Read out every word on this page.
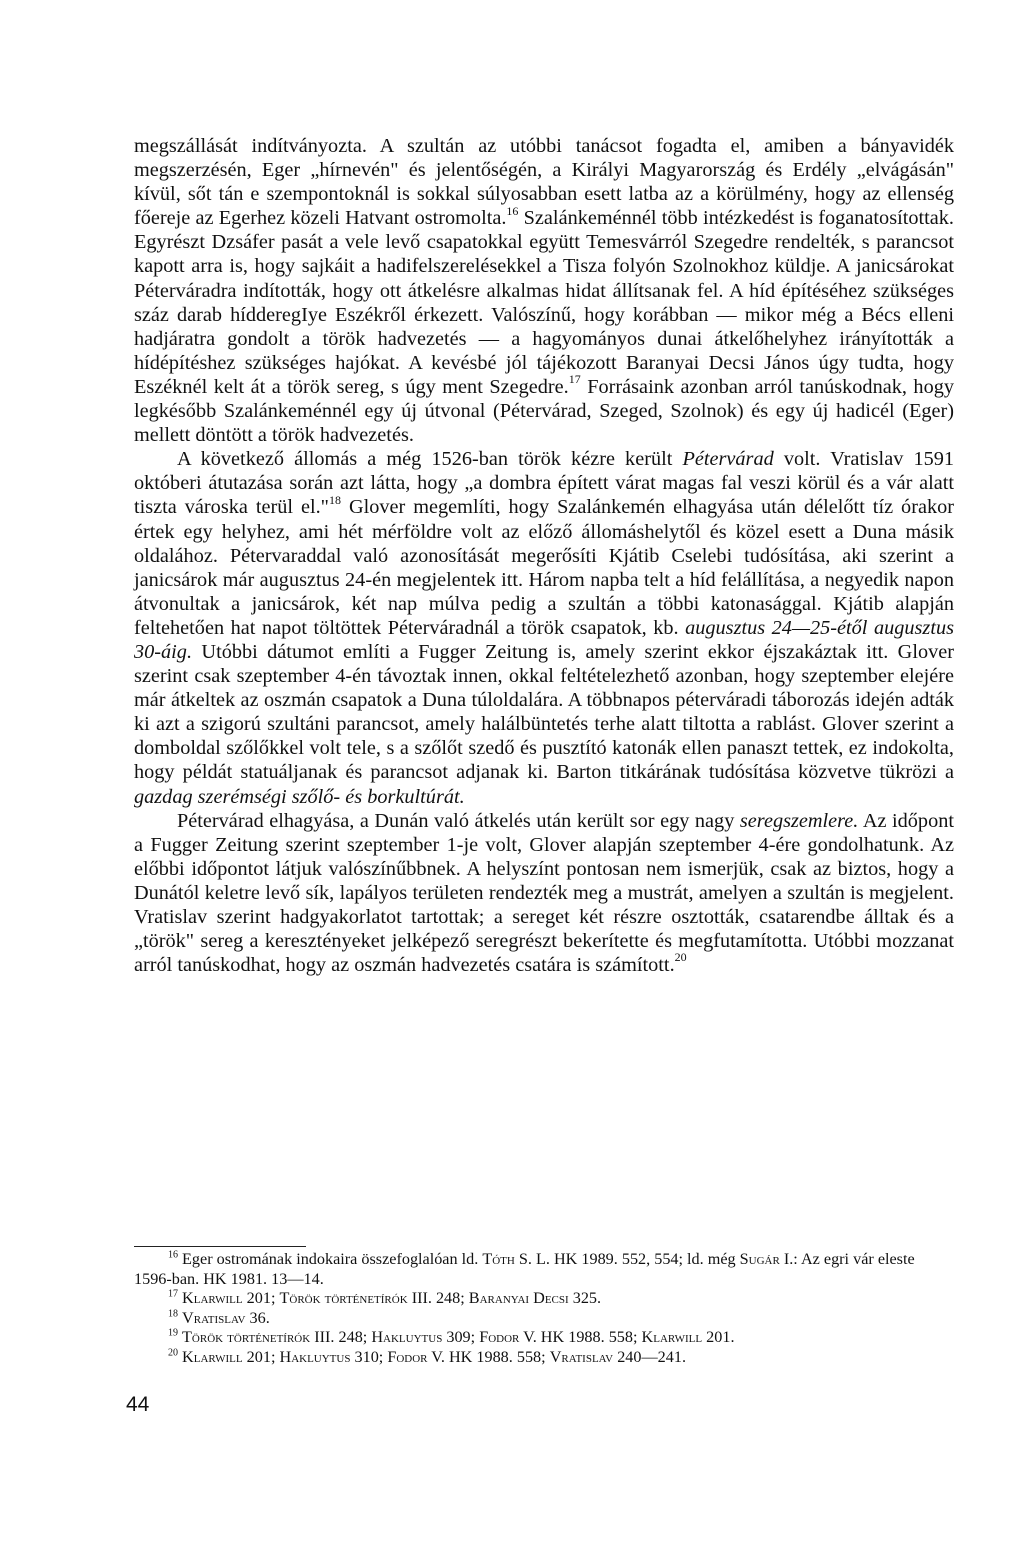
megszállását indítványozta. A szultán az utóbbi tanácsot fogadta el, amiben a bányavidék megszerzésén, Eger „hírnevén" és jelentőségén, a Királyi Magyarország és Erdély „elvágásán" kívül, sőt tán e szempontoknál is sokkal súlyosabban esett latba az a körülmény, hogy az ellenség főereje az Egerhez közeli Hatvant ostromolta.$^{16}$ Szalánkeménnél több intézkedést is foganatosítottak. Egyrészt Dzsáfer pasát a vele levő csapatokkal együtt Temesvárról Szegedre rendelték, s parancsot kapott arra is, hogy sajkáit a hadifelszerelésekkel a Tisza folyón Szolnokhoz küldje. A janicsárokat Péterváradra indították, hogy ott átkelésre alkalmas hidat állítsanak fel. A híd építéséhez szükséges száz darab hídderegIye Eszékről érkezett. Valószínű, hogy korábban — mikor még a Bécs elleni hadjáratra gondolt a török hadvezetés — a hagyományos dunai átkelőhelyhez irányították a hídépítéshez szükséges hajókat. A kevésbé jól tájékozott Baranyai Decsi János úgy tudta, hogy Eszéknél kelt át a török sereg, s úgy ment Szegedre.$^{17}$ Forrásaink azonban arról tanúskodnak, hogy legkésőbb Szalánkeménnél egy új útvonal (Pétervárad, Szeged, Szolnok) és egy új hadicél (Eger) mellett döntött a török hadvezetés.

A következő állomás a még 1526-ban török kézre került Pétervárad volt. Vratislav 1591 októberi átutazása során azt látta, hogy „a dombra épített várat magas fal veszi körül és a vár alatt tiszta városka terül el."$^{18}$ Glover megemlíti, hogy Szalánkemén elhagyása után délelőtt tíz órakor értek egy helyhez, ami hét mérföldre volt az előző állomáshelytől és közel esett a Duna másik oldalához. Pétervaraddal való azonosítását megerősíti Kjátib Cselebi tudósítása, aki szerint a janicsárok már augusztus 24-én megjelentek itt. Három napba telt a híd felállítása, a negyedik napon átvonultak a janicsárok, két nap múlva pedig a szultán a többi katonasággal. Kjátib alapján feltehetően hat napot töltöttek Péterváradnál a török csapatok, kb. augusztus 24—25-étől augusztus 30-áig. Utóbbi dátumot említi a Fugger Zeitung is, amely szerint ekkor éjszakáztak itt. Glover szerint csak szeptember 4-én távoztak innen, okkal feltételezhető azonban, hogy szeptember elejére már átkeltek az oszmán csapatok a Duna túloldalára. A többnapos péterváradi táborozás idején adták ki azt a szigorú szultáni parancsot, amely halálbüntetés terhe alatt tiltotta a rablást. Glover szerint a domboldal szőlőkkel volt tele, s a szőlőt szedő és pusztító katonák ellen panaszt tettek, ez indokolta, hogy példát statuáljanak és parancsot adjanak ki. Barton titkárának tudósítása közvetve tükrözi a gazdag szerémségi szőlő- és borkultúrát.

Pétervárad elhagyása, a Dunán való átkelés után került sor egy nagy seregszemlere. Az időpont a Fugger Zeitung szerint szeptember 1-je volt, Glover alapján szeptember 4-ére gondolhatunk. Az előbbi időpontot látjuk valószínűbbnek. A helyszínt pontosan nem ismerjük, csak az biztos, hogy a Dunától keletre levő sík, lapályos területen rendezték meg a mustrát, amelyen a szultán is megjelent. Vratislav szerint hadgyakorlatot tartottak; a sereget két részre osztották, csatarendbe álltak és a „török" sereg a keresztényeket jelképező seregrészt bekerítette és megfutamította. Utóbbi mozzanat arról tanúskodhat, hogy az oszmán hadvezetés csatára is számított.$^{20}$

$^{16}$ Eger ostromának indokaira összefoglalóan ld. Tóth S. L. HK 1989. 552, 554; ld. még Sugár I.: Az egri vár eleste 1596-ban. HK 1981. 13—14.

$^{17}$ Klarwill 201; Török történetírók III. 248; Baranyai Decsi 325.

$^{18}$ Vratislav 36.

$^{19}$ Török történetírók III. 248; Hakluytus 309; Fodor V. HK 1988. 558; Klarwill 201.

$^{20}$ Klarwill 201; Hakluytus 310; Fodor V. HK 1988. 558; Vratislav 240—241.

44
